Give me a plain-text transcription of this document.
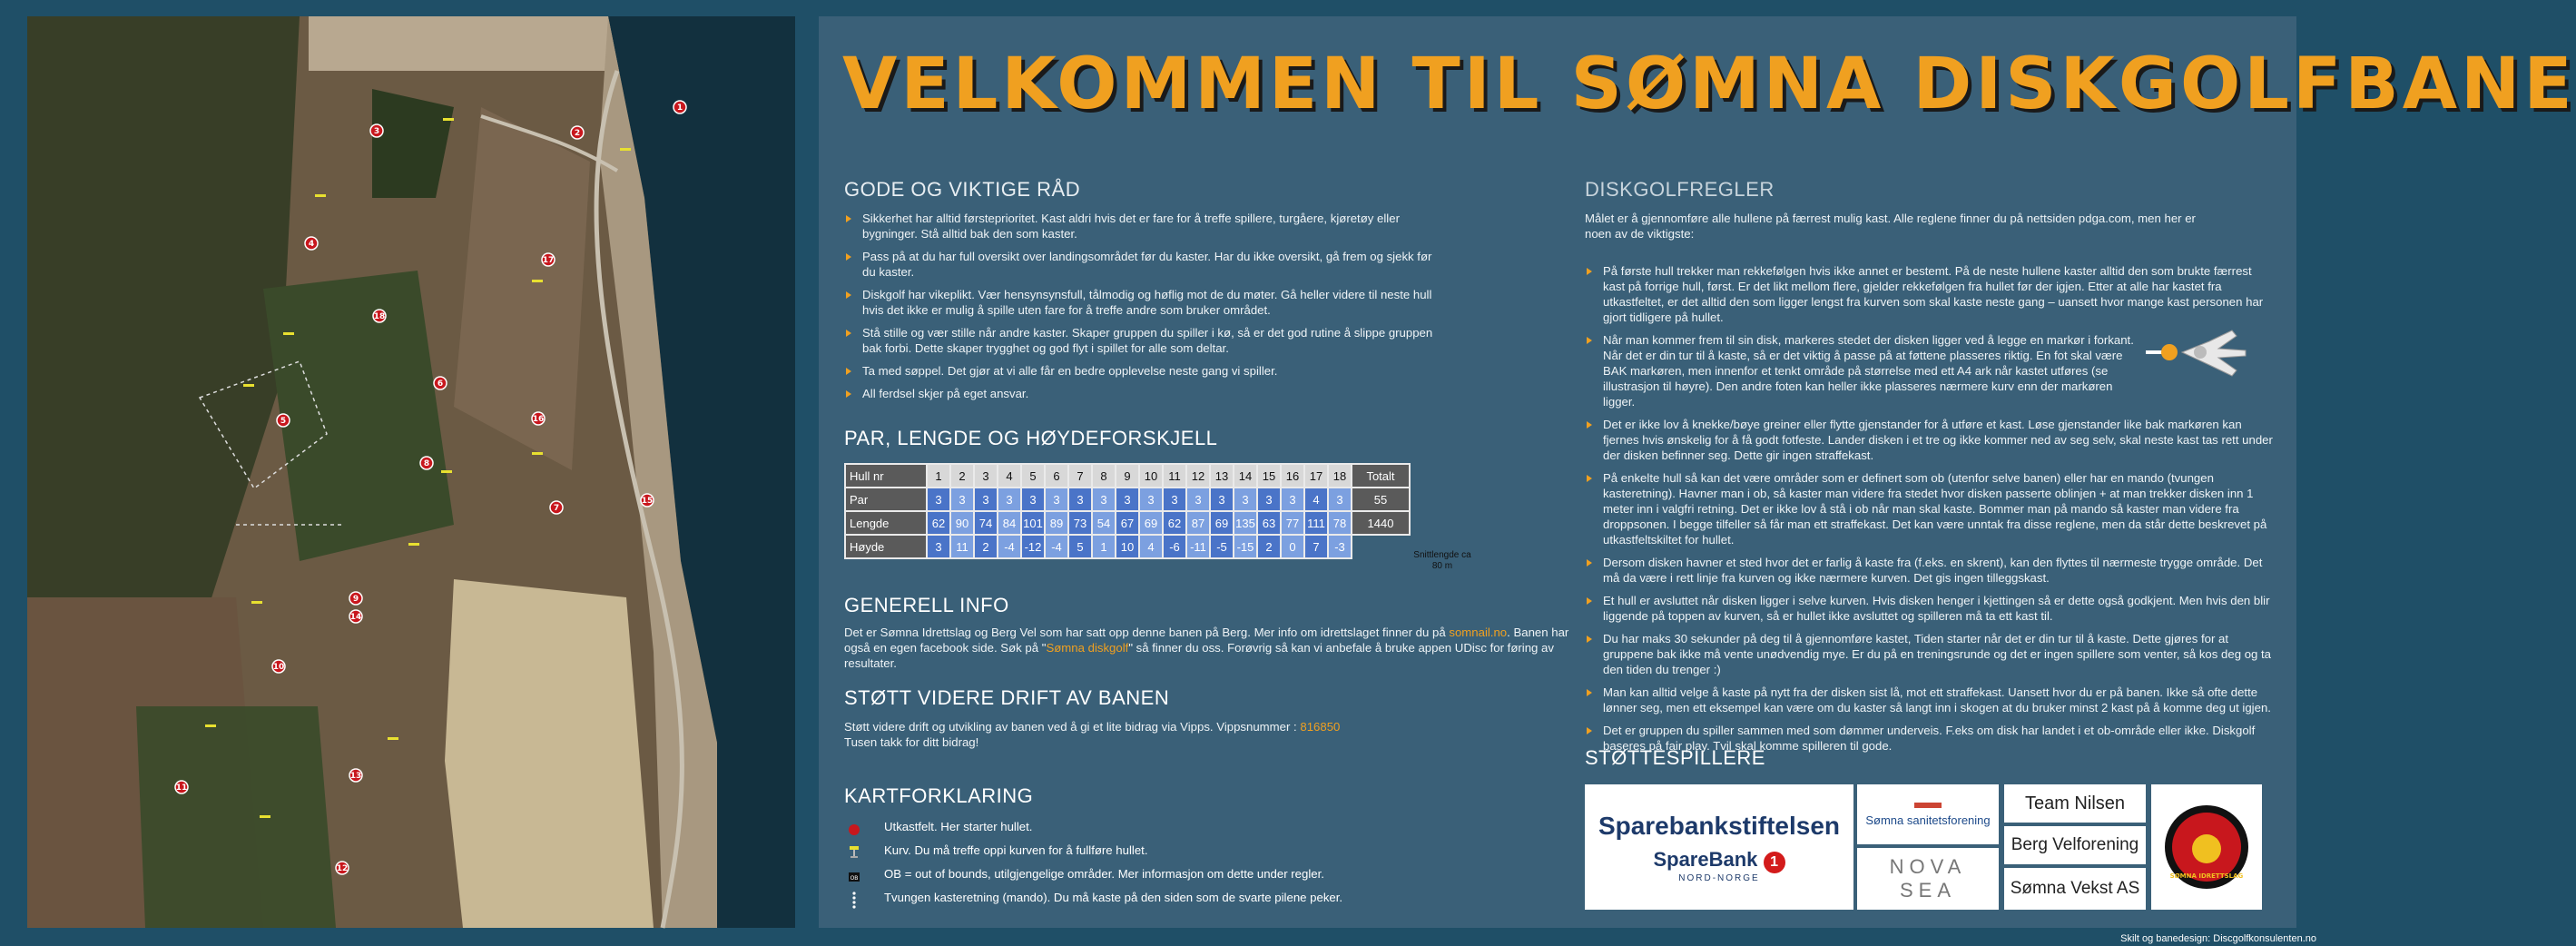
1
2
3
4
5
6
7
8
9
10
11
12
13
14
15
16
17
18
VELKOMMEN TIL SØMNA DISKGOLFBANE
GODE OG VIKTIGE RÅD
Sikkerhet har alltid førsteprioritet. Kast aldri hvis det er fare for å treffe spillere, turgåere, kjøretøy eller bygninger. Stå alltid bak den som kaster.
Pass på at du har full oversikt over landingsområdet før du kaster. Har du ikke oversikt, gå frem og sjekk før du kaster.
Diskgolf har vikeplikt. Vær hensynsynsfull, tålmodig og høflig mot de du møter. Gå heller videre til neste hull hvis det ikke er mulig å spille uten fare for å treffe andre som bruker området.
Stå stille og vær stille når andre kaster. Skaper gruppen du spiller i kø, så er det god rutine å slippe gruppen bak forbi. Dette skaper trygghet og god flyt i spillet for alle som deltar.
Ta med søppel. Det gjør at vi alle får en bedre opplevelse neste gang vi spiller.
All ferdsel skjer på eget ansvar.
PAR, LENGDE OG HØYDEFORSKJELL
Hull nr	1	2	3	4	5	6	7	8	9	10	11	12	13	14	15	16	17	18	Totalt
Par	3	3	3	3	3	3	3	3	3	3	3	3	3	3	3	3	4	3	55
Lengde	62	90	74	84	101	89	73	54	67	69	62	87	69	135	63	77	111	78	1440
Høyde	3	11	2	-4	-12	-4	5	1	10	4	-6	-11	-5	-15	2	0	7	-3	
Snittlengde ca 80 m
GENERELL INFO
Det er Sømna Idrettslag og Berg Vel som har satt opp denne banen på Berg. Mer info om idrettslaget finner du på somnail.no. Banen har også en egen facebook side. Søk på "Sømna diskgolf" så finner du oss. Forøvrig så kan vi anbefale å bruke appen UDisc for føring av resultater.
STØTT VIDERE DRIFT AV BANEN
Støtt videre drift og utvikling av banen ved å gi et lite bidrag via Vipps. Vippsnummer : 816850
Tusen takk for ditt bidrag!
KARTFORKLARING
Utkastfelt. Her starter hullet.
Kurv. Du må treffe oppi kurven for å fullføre hullet.
OB OB = out of bounds, utilgjengelige områder. Mer informasjon om dette under regler.
Tvungen kasteretning (mando). Du må kaste på den siden som de svarte pilene peker.
DISKGOLFREGLER
Målet er å gjennomføre alle hullene på færrest mulig kast. Alle reglene finner du på nettsiden pdga.com, men her er noen av de viktigste:
På første hull trekker man rekkefølgen hvis ikke annet er bestemt. På de neste hullene kaster alltid den som brukte færrest kast på forrige hull, først. Er det likt mellom flere, gjelder rekkefølgen fra hullet før der igjen. Etter at alle har kastet fra utkastfeltet, er det alltid den som ligger lengst fra kurven som skal kaste neste gang – uansett hvor mange kast personen har gjort tidligere på hullet.
Når man kommer frem til sin disk, markeres stedet der disken ligger ved å legge en markør i forkant. Når det er din tur til å kaste, så er det viktig å passe på at føttene plasseres riktig. En fot skal være BAK markøren, men innenfor et tenkt område på størrelse med ett A4 ark når kastet utføres (se illustrasjon til høyre). Den andre foten kan heller ikke plasseres nærmere kurv enn der markøren ligger.
Det er ikke lov å knekke/bøye greiner eller flytte gjenstander for å utføre et kast. Løse gjenstander like bak markøren kan fjernes hvis ønskelig for å få godt fotfeste. Lander disken i et tre og ikke kommer ned av seg selv, skal neste kast tas rett under der disken befinner seg. Dette gir ingen straffekast.
På enkelte hull så kan det være områder som er definert som ob (utenfor selve banen) eller har en mando (tvungen kasteretning). Havner man i ob, så kaster man videre fra stedet hvor disken passerte oblinjen + at man trekker disken inn 1 meter inn i valgfri retning. Det er ikke lov å stå i ob når man skal kaste. Bommer man på mando så kaster man videre fra droppsonen. I begge tilfeller så får man ett straffekast. Det kan være unntak fra disse reglene, men da står dette beskrevet på utkastfeltskiltet for hullet.
Dersom disken havner et sted hvor det er farlig å kaste fra (f.eks. en skrent), kan den flyttes til nærmeste trygge område. Det må da være i rett linje fra kurven og ikke nærmere kurven. Det gis ingen tilleggskast.
Et hull er avsluttet når disken ligger i selve kurven. Hvis disken henger i kjettingen så er dette også godkjent. Men hvis den blir liggende på toppen av kurven, så er hullet ikke avsluttet og spilleren må ta ett kast til.
Du har maks 30 sekunder på deg til å gjennomføre kastet, Tiden starter når det er din tur til å kaste. Dette gjøres for at gruppene bak ikke må vente unødvendig mye. Er du på en treningsrunde og det er ingen spillere som venter, så kos deg og ta den tiden du trenger :)
Man kan alltid velge å kaste på nytt fra der disken sist lå, mot ett straffekast. Uansett hvor du er på banen. Ikke så ofte dette lønner seg, men ett eksempel kan være om du kaster så langt inn i skogen at du bruker minst 2 kast på å komme deg ut igjen.
Det er gruppen du spiller sammen med som dømmer underveis. F.eks om disk har landet i et ob-område eller ikke. Diskgolf baseres på fair play. Tvil skal komme spilleren til gode.
STØTTESPILLERE
Sparebankstiftelsen
SpareBank 1
NORD-NORGE
Sømna sanitetsforening
NOVA
SEA
Team Nilsen
Berg Velforening
Sømna Vekst AS
SØMNA IDRETTSLAG
Skilt og banedesign: Discgolfkonsulenten.no
